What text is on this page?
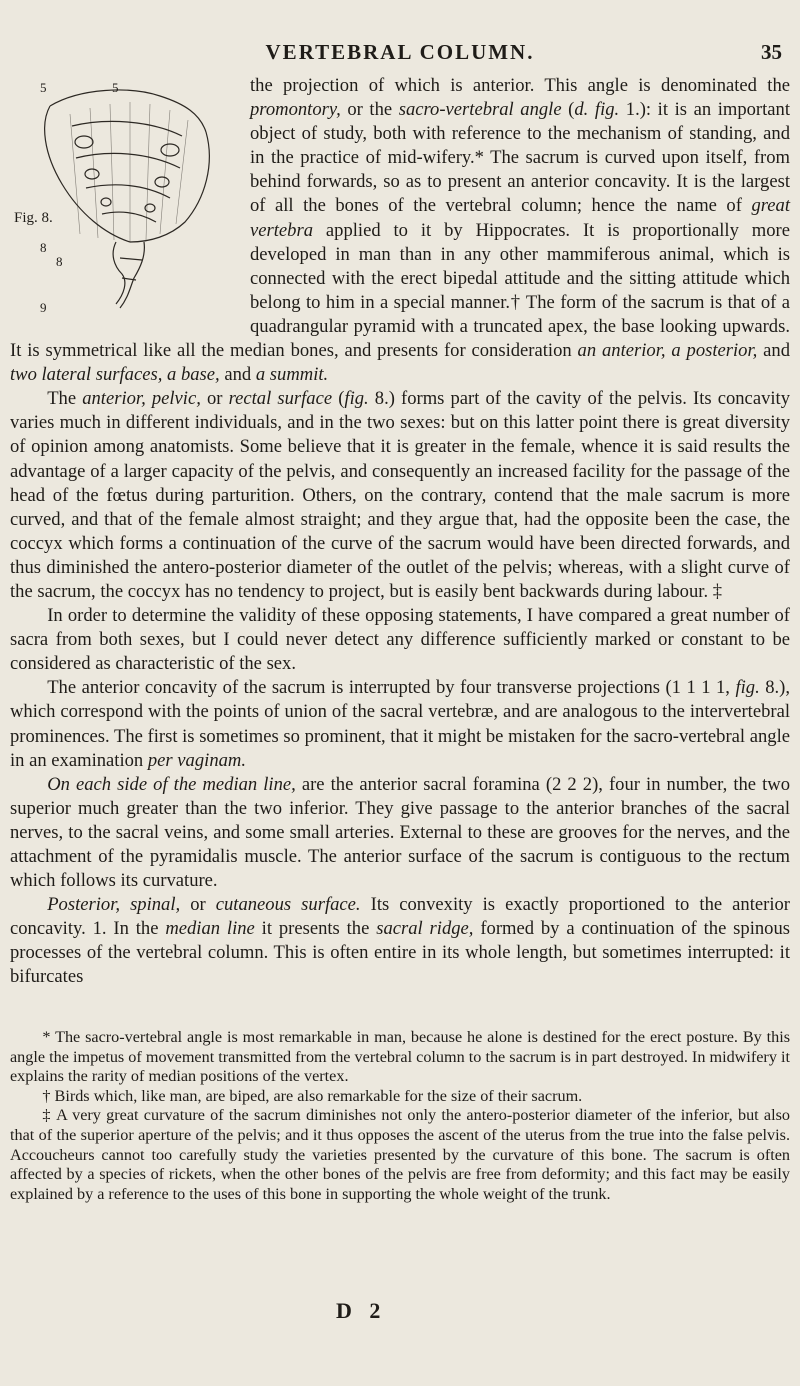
VERTEBRAL COLUMN.	35
5	5
8
8
9
Fig. 8.

the projection of which is anterior. This angle is denominated the promontory, or the sacro-vertebral angle (d. fig. 1.): it is an important object of study, both with reference to the mechanism of standing, and in the practice of mid-wifery.* The sacrum is curved upon itself, from behind forwards, so as to present an anterior concavity. It is the largest of all the bones of the vertebral column; hence the name of great vertebra applied to it by Hippocrates. It is proportionally more developed in man than in any other mammiferous animal, which is connected with the erect bipedal attitude and the sitting attitude which belong to him in a special manner.† The form of the sacrum is that of a quadrangular pyramid with a truncated apex, the base looking upwards. It is symmetrical like all the median bones, and presents for consideration an anterior, a posterior, and two lateral surfaces, a base, and a summit.

The anterior, pelvic, or rectal surface (fig. 8.) forms part of the cavity of the pelvis. Its concavity varies much in different individuals, and in the two sexes: but on this latter point there is great diversity of opinion among anatomists. Some believe that it is greater in the female, whence it is said results the advantage of a larger capacity of the pelvis, and consequently an increased facility for the passage of the head of the fœtus during parturition. Others, on the contrary, contend that the male sacrum is more curved, and that of the female almost straight; and they argue that, had the opposite been the case, the coccyx which forms a continuation of the curve of the sacrum would have been directed forwards, and thus diminished the antero-posterior diameter of the outlet of the pelvis; whereas, with a slight curve of the sacrum, the coccyx has no tendency to project, but is easily bent backwards during labour. ‡

In order to determine the validity of these opposing statements, I have compared a great number of sacra from both sexes, but I could never detect any difference sufficiently marked or constant to be considered as characteristic of the sex.

The anterior concavity of the sacrum is interrupted by four transverse projections (1 1 1 1, fig. 8.), which correspond with the points of union of the sacral vertebræ, and are analogous to the intervertebral prominences. The first is sometimes so prominent, that it might be mistaken for the sacro-vertebral angle in an examination per vaginam.

On each side of the median line, are the anterior sacral foramina (2 2 2), four in number, the two superior much greater than the two inferior. They give passage to the anterior branches of the sacral nerves, to the sacral veins, and some small arteries. External to these are grooves for the nerves, and the attachment of the pyramidalis muscle. The anterior surface of the sacrum is contiguous to the rectum which follows its curvature.

Posterior, spinal, or cutaneous surface. Its convexity is exactly proportioned to the anterior concavity. 1. In the median line it presents the sacral ridge, formed by a continuation of the spinous processes of the vertebral column. This is often entire in its whole length, but sometimes interrupted: it bifurcates

* The sacro-vertebral angle is most remarkable in man, because he alone is destined for the erect posture. By this angle the impetus of movement transmitted from the vertebral column to the sacrum is in part destroyed. In midwifery it explains the rarity of median positions of the vertex.

† Birds which, like man, are biped, are also remarkable for the size of their sacrum.

‡ A very great curvature of the sacrum diminishes not only the antero-posterior diameter of the inferior, but also that of the superior aperture of the pelvis; and it thus opposes the ascent of the uterus from the true into the false pelvis. Accoucheurs cannot too carefully study the varieties presented by the curvature of this bone. The sacrum is often affected by a species of rickets, when the other bones of the pelvis are free from deformity; and this fact may be easily explained by a reference to the uses of this bone in supporting the whole weight of the trunk.

D 2
